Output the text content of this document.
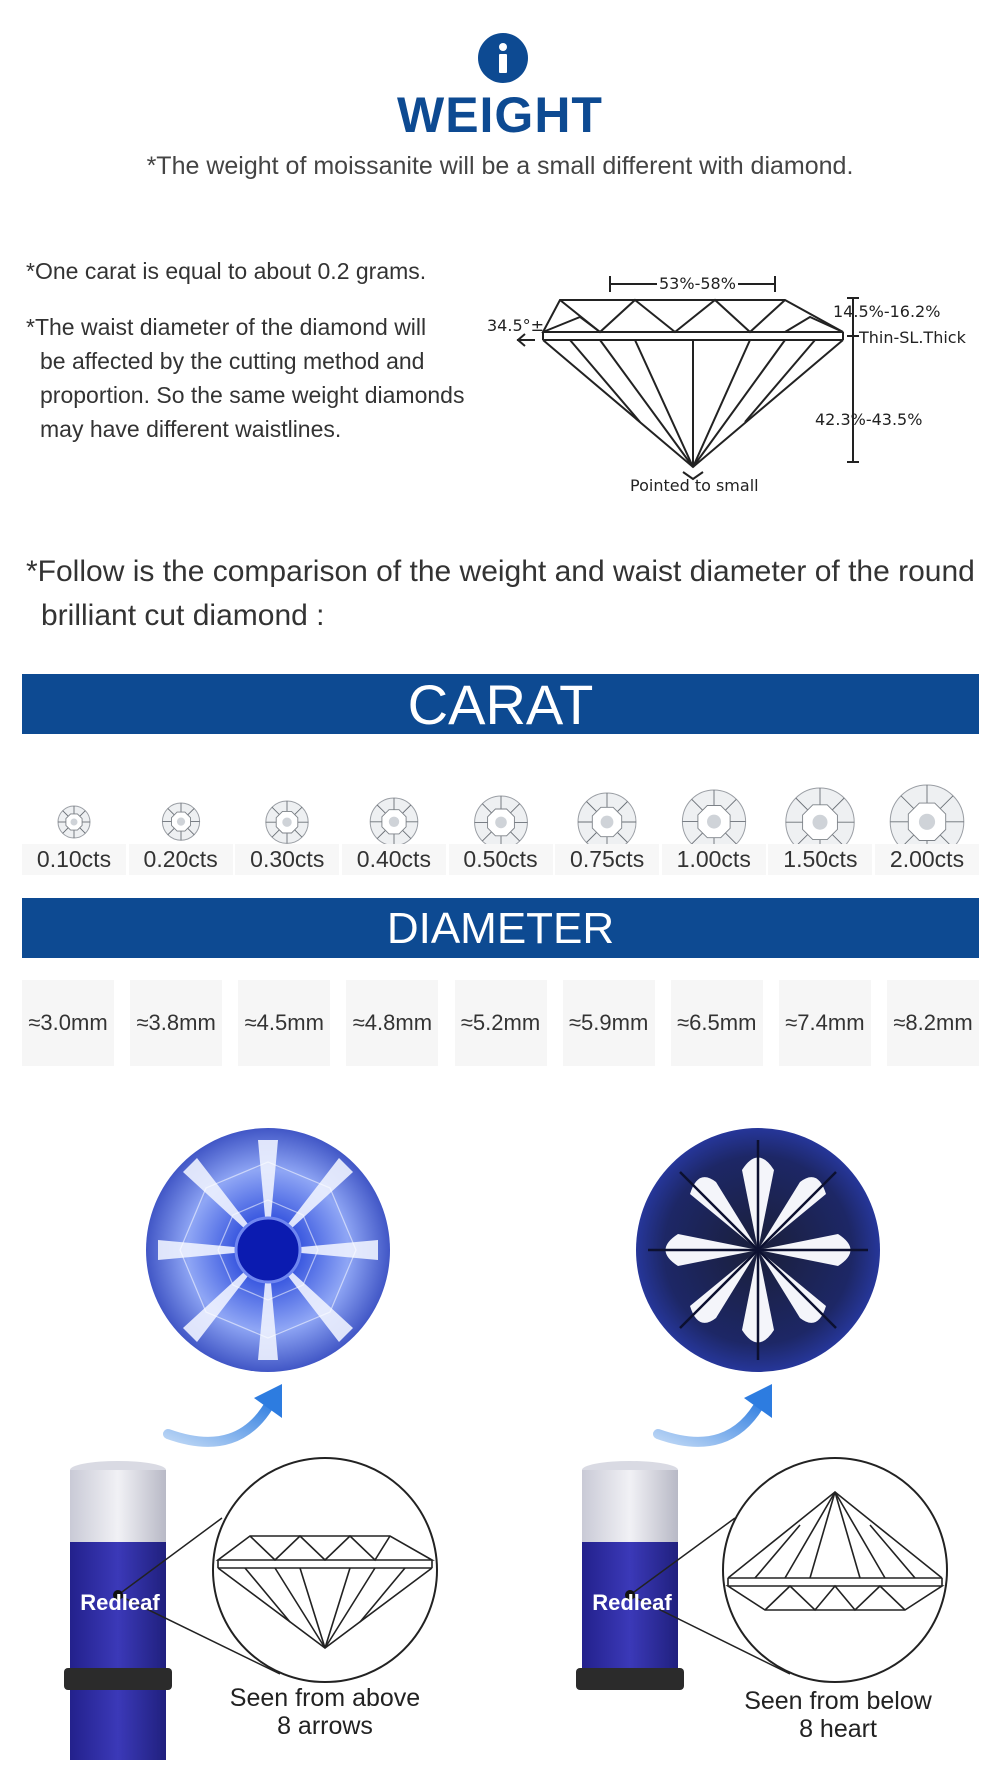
WEIGHT
*The weight of moissanite will be a small different with diamond.
*One carat is equal to about 0.2 grams.
*The waist diameter of the diamond will
be affected by the cutting method and proportion. So the same weight diamonds may have different waistlines.
53%-58%
34.5°±
14.5%-16.2%
Thin-SL.Thick
42.3%-43.5%
Pointed to small
*Follow is the comparison of the weight and waist diameter of the round
brilliant cut diamond :
CARAT
0.10cts	0.20cts	0.30cts	0.40cts	0.50cts	0.75cts	1.00cts	1.50cts	2.00cts
DIAMETER
≈3.0mm ≈3.8mm ≈4.5mm ≈4.8mm ≈5.2mm ≈5.9mm ≈6.5mm ≈7.4mm ≈8.2mm
Redleaf	Redleaf
Seen from above
8 arrows
Seen from below
8 heart
